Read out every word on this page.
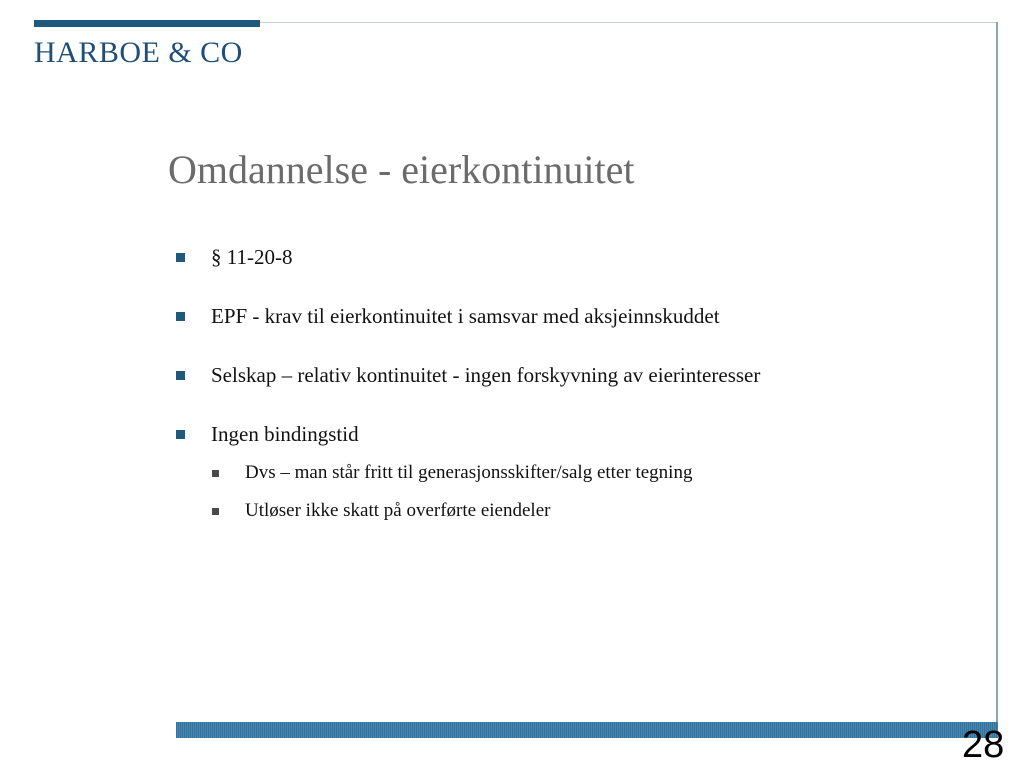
HARBOE & CO
Omdannelse - eierkontinuitet
§ 11-20-8
EPF - krav til eierkontinuitet i samsvar med aksjeinnskuddet
Selskap – relativ kontinuitet - ingen forskyvning av eierinteresser
Ingen bindingstid
Dvs – man står fritt til generasjonsskifter/salg etter tegning
Utløser ikke skatt på overførte eiendeler
28
